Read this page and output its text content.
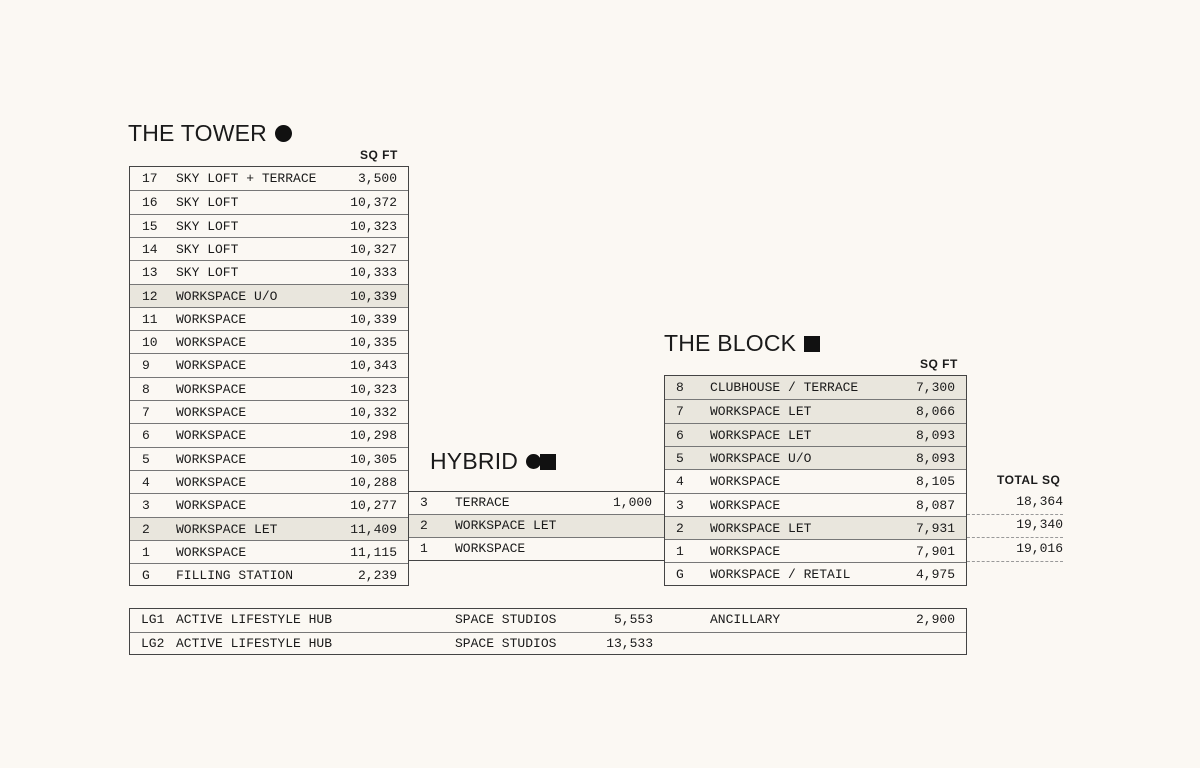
THE TOWER
SQ FT
THE BLOCK
SQ FT
HYBRID
TOTAL SQ
3 TERRACE	1,000
2 WORKSPACE LET
1 WORKSPACE
17 SKY LOFT + TERRACE	3,500
16 SKY LOFT	10,372
15 SKY LOFT	10,323
14 SKY LOFT	10,327
13 SKY LOFT	10,333
12 WORKSPACE U/O	10,339
11 WORKSPACE	10,339
10 WORKSPACE	10,335
9 WORKSPACE	10,343
8 WORKSPACE	10,323
7 WORKSPACE	10,332
6 WORKSPACE	10,298
5 WORKSPACE	10,305
4 WORKSPACE	10,288
3 WORKSPACE	10,277
2 WORKSPACE LET	11,409
1 WORKSPACE	11,115
G FILLING STATION	2,239
8 CLUBHOUSE / TERRACE	7,300
7 WORKSPACE LET	8,066
6 WORKSPACE LET	8,093
5 WORKSPACE U/O	8,093
4 WORKSPACE	8,105
3 WORKSPACE	8,087
2 WORKSPACE LET	7,931
1 WORKSPACE	7,901
G WORKSPACE / RETAIL	4,975
18,364
19,340
19,016
LG1 ACTIVE LIFESTYLE HUB	SPACE STUDIOS	5,553	ANCILLARY	2,900
LG2 ACTIVE LIFESTYLE HUB	SPACE STUDIOS	13,533
